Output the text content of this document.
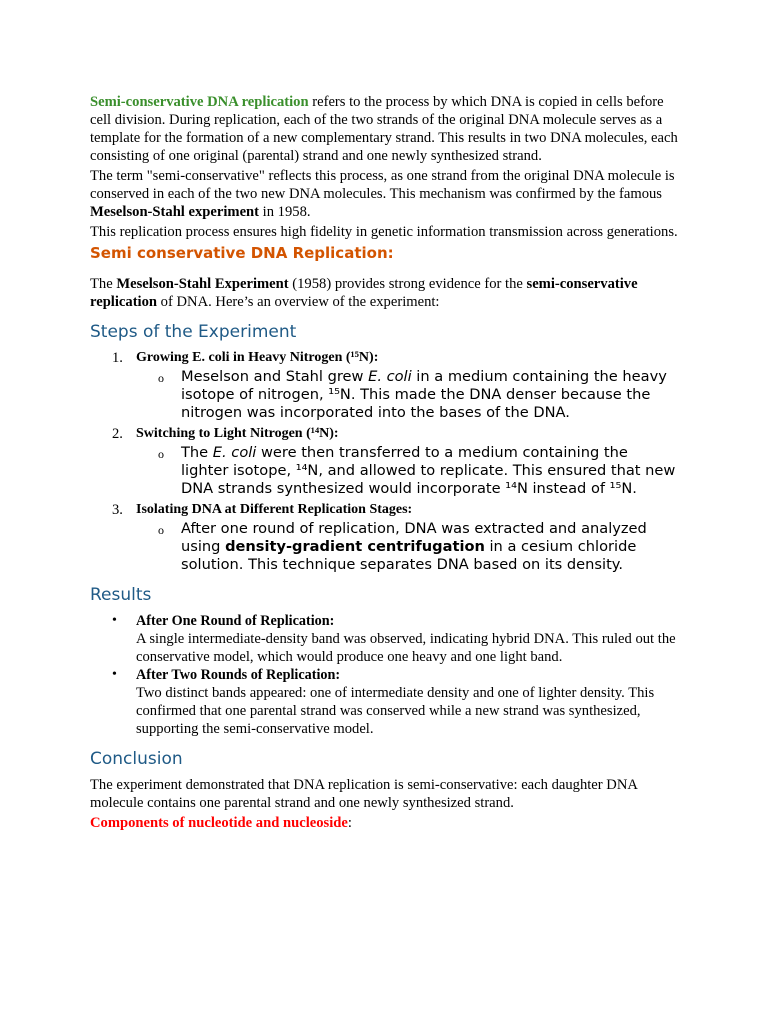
Semi-conservative DNA replication refers to the process by which DNA is copied in cells before cell division. During replication, each of the two strands of the original DNA molecule serves as a template for the formation of a new complementary strand. This results in two DNA molecules, each consisting of one original (parental) strand and one newly synthesized strand.

The term "semi-conservative" reflects this process, as one strand from the original DNA molecule is conserved in each of the two new DNA molecules. This mechanism was confirmed by the famous Meselson-Stahl experiment in 1958.

This replication process ensures high fidelity in genetic information transmission across generations.

Semi conservative DNA Replication:

The Meselson-Stahl Experiment (1958) provides strong evidence for the semi-conservative replication of DNA. Here’s an overview of the experiment:

Steps of the Experiment
1. Growing E. coli in Heavy Nitrogen (¹⁵N):
o Meselson and Stahl grew E. coli in a medium containing the heavy isotope of nitrogen, ¹⁵N. This made the DNA denser because the nitrogen was incorporated into the bases of the DNA.
2. Switching to Light Nitrogen (¹⁴N):
o The E. coli were then transferred to a medium containing the lighter isotope, ¹⁴N, and allowed to replicate. This ensured that new DNA strands synthesized would incorporate ¹⁴N instead of ¹⁵N.
3. Isolating DNA at Different Replication Stages:
o After one round of replication, DNA was extracted and analyzed using density-gradient centrifugation in a cesium chloride solution. This technique separates DNA based on its density.
Results
• After One Round of Replication:
A single intermediate-density band was observed, indicating hybrid DNA. This ruled out the conservative model, which would produce one heavy and one light band.
• After Two Rounds of Replication:
Two distinct bands appeared: one of intermediate density and one of lighter density. This confirmed that one parental strand was conserved while a new strand was synthesized, supporting the semi-conservative model.
Conclusion

The experiment demonstrated that DNA replication is semi-conservative: each daughter DNA molecule contains one parental strand and one newly synthesized strand.

Components of nucleotide and nucleoside:
